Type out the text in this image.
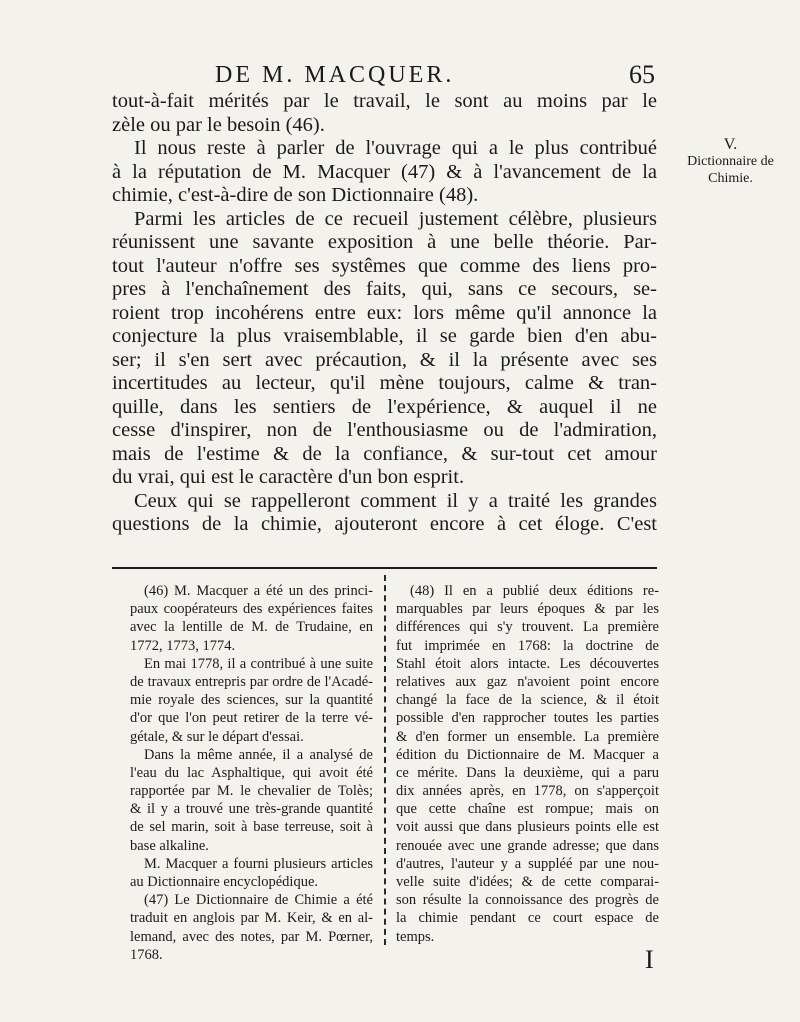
DE M. MACQUER.	65
tout-à-fait mérités par le travail, le sont au moins par le
zèle ou par le besoin (46).
Il nous reste à parler de l'ouvrage qui a le plus contribué
à la réputation de M. Macquer (47) & à l'avancement de la
chimie, c'est-à-dire de son Dictionnaire (48).
Parmi les articles de ce recueil justement célèbre, plusieurs
réunissent une savante exposition à une belle théorie. Par-
tout l'auteur n'offre ses systêmes que comme des liens pro-
pres à l'enchaînement des faits, qui, sans ce secours, se-
roient trop incohérens entre eux: lors même qu'il annonce la
conjecture la plus vraisemblable, il se garde bien d'en abu-
ser; il s'en sert avec précaution, & il la présente avec ses
incertitudes au lecteur, qu'il mène toujours, calme & tran-
quille, dans les sentiers de l'expérience, & auquel il ne
cesse d'inspirer, non de l'enthousiasme ou de l'admiration,
mais de l'estime & de la confiance, & sur-tout cet amour
du vrai, qui est le caractère d'un bon esprit.
Ceux qui se rappelleront comment il y a traité les grandes
questions de la chimie, ajouteront encore à cet éloge. C'est
V.
Dictionnaire de
Chimie.
(46) M. Macquer a été un des princi-
paux coopérateurs des expériences faites
avec la lentille de M. de Trudaine, en
1772, 1773, 1774.
En mai 1778, il a contribué à une suite
de travaux entrepris par ordre de l'Acadé-
mie royale des sciences, sur la quantité
d'or que l'on peut retirer de la terre vé-
gétale, & sur le départ d'essai.
Dans la même année, il a analysé de
l'eau du lac Asphaltique, qui avoit été
rapportée par M. le chevalier de Tolès;
& il y a trouvé une très-grande quantité
de sel marin, soit à base terreuse, soit à
base alkaline.
M. Macquer a fourni plusieurs articles
au Dictionnaire encyclopédique.
(47) Le Dictionnaire de Chimie a été
traduit en anglois par M. Keir, & en al-
lemand, avec des notes, par M. Pœrner,
1768.
(48) Il en a publié deux éditions re-
marquables par leurs époques & par les
différences qui s'y trouvent. La première
fut imprimée en 1768: la doctrine de
Stahl étoit alors intacte. Les découvertes
relatives aux gaz n'avoient point encore
changé la face de la science, & il étoit
possible d'en rapprocher toutes les parties
& d'en former un ensemble. La première
édition du Dictionnaire de M. Macquer a
ce mérite. Dans la deuxième, qui a paru
dix années après, en 1778, on s'apperçoit
que cette chaîne est rompue; mais on
voit aussi que dans plusieurs points elle est
renouée avec une grande adresse; que dans
d'autres, l'auteur y a suppléé par une nou-
velle suite d'idées; & de cette comparai-
son résulte la connoissance des progrès de
la chimie pendant ce court espace de
temps.
I
